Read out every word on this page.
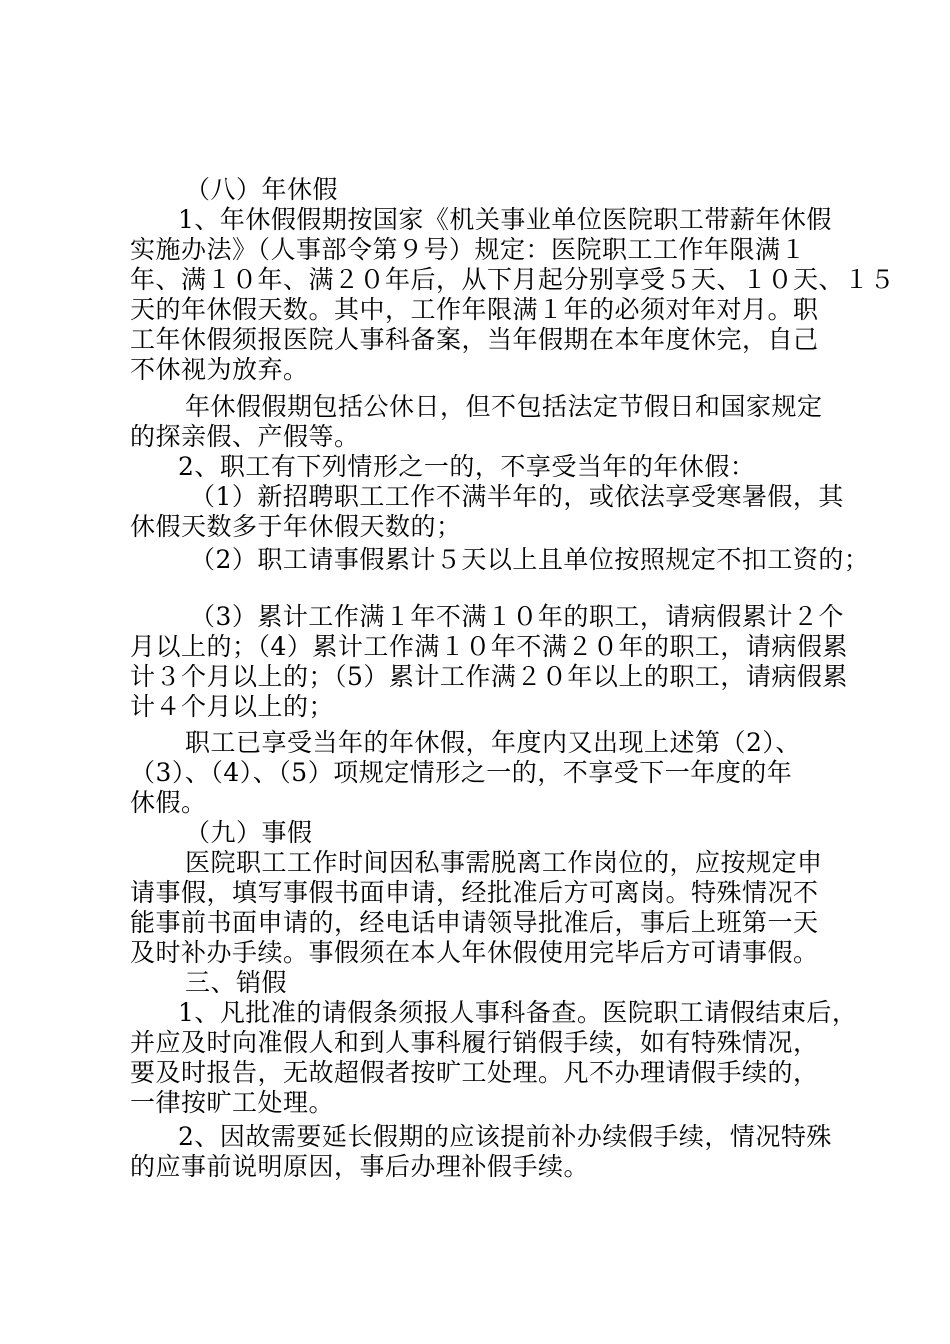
（八）年休假
1、年休假假期按国家《机关事业单位医院职工带薪年休假
实施办法》（人事部令第９号）规定：医院职工工作年限满１
年、满１０年、满２０年后，从下月起分别享受５天、１０天、１５
天的年休假天数。其中，工作年限满１年的必须对年对月。职
工年休假须报医院人事科备案，当年假期在本年度休完，自己
不休视为放弃。
年休假假期包括公休日，但不包括法定节假日和国家规定
的探亲假、产假等。
2、职工有下列情形之一的，不享受当年的年休假：
（1）新招聘职工工作不满半年的，或依法享受寒暑假，其
休假天数多于年休假天数的；
（2）职工请事假累计５天以上且单位按照规定不扣工资的；
（3）累计工作满１年不满１０年的职工，请病假累计２个
月以上的；（4）累计工作满１０年不满２０年的职工，请病假累
计３个月以上的；（5）累计工作满２０年以上的职工，请病假累
计４个月以上的；
职工已享受当年的年休假，年度内又出现上述第（2）、
（3）、（4）、（5）项规定情形之一的，不享受下一年度的年
休假。
（九）事假
医院职工工作时间因私事需脱离工作岗位的，应按规定申
请事假，填写事假书面申请，经批准后方可离岗。特殊情况不
能事前书面申请的，经电话申请领导批准后，事后上班第一天
及时补办手续。事假须在本人年休假使用完毕后方可请事假。
三、销假
1、凡批准的请假条须报人事科备查。医院职工请假结束后，
并应及时向准假人和到人事科履行销假手续，如有特殊情况，
要及时报告，无故超假者按旷工处理。凡不办理请假手续的，
一律按旷工处理。
2、因故需要延长假期的应该提前补办续假手续，情况特殊
的应事前说明原因，事后办理补假手续。
